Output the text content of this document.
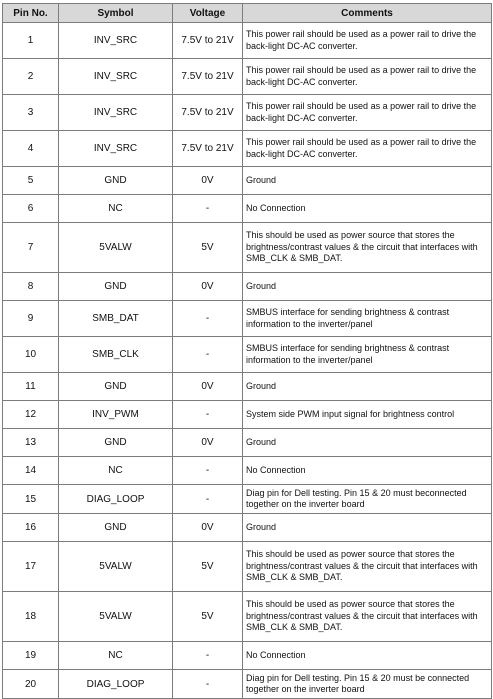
Pin No.	Symbol	Voltage	Comments
1	INV_SRC	7.5V to 21V	This power rail should be used as a power rail to drive the back-light DC-AC converter.
2	INV_SRC	7.5V to 21V	This power rail should be used as a power rail to drive the back-light DC-AC converter.
3	INV_SRC	7.5V to 21V	This power rail should be used as a power rail to drive the back-light DC-AC converter.
4	INV_SRC	7.5V to 21V	This power rail should be used as a power rail to drive the back-light DC-AC converter.
5	GND	0V	Ground
6	NC	-	No Connection
7	5VALW	5V	This should be used as power source that stores the brightness/contrast values & the circuit that interfaces with SMB_CLK & SMB_DAT.
8	GND	0V	Ground
9	SMB_DAT	-	SMBUS interface for sending brightness & contrast information to the inverter/panel
10	SMB_CLK	-	SMBUS interface for sending brightness & contrast information to the inverter/panel
11	GND	0V	Ground
12	INV_PWM	-	System side PWM input signal for brightness control
13	GND	0V	Ground
14	NC	-	No Connection
15	DIAG_LOOP	-	Diag pin for Dell testing. Pin 15 & 20 must beconnected together on the inverter board
16	GND	0V	Ground
17	5VALW	5V	This should be used as power source that stores the brightness/contrast values & the circuit that interfaces with SMB_CLK & SMB_DAT.
18	5VALW	5V	This should be used as power source that stores the brightness/contrast values & the circuit that interfaces with SMB_CLK & SMB_DAT.
19	NC	-	No Connection
20	DIAG_LOOP	-	Diag pin for Dell testing. Pin 15 & 20 must be connected together on the inverter board
